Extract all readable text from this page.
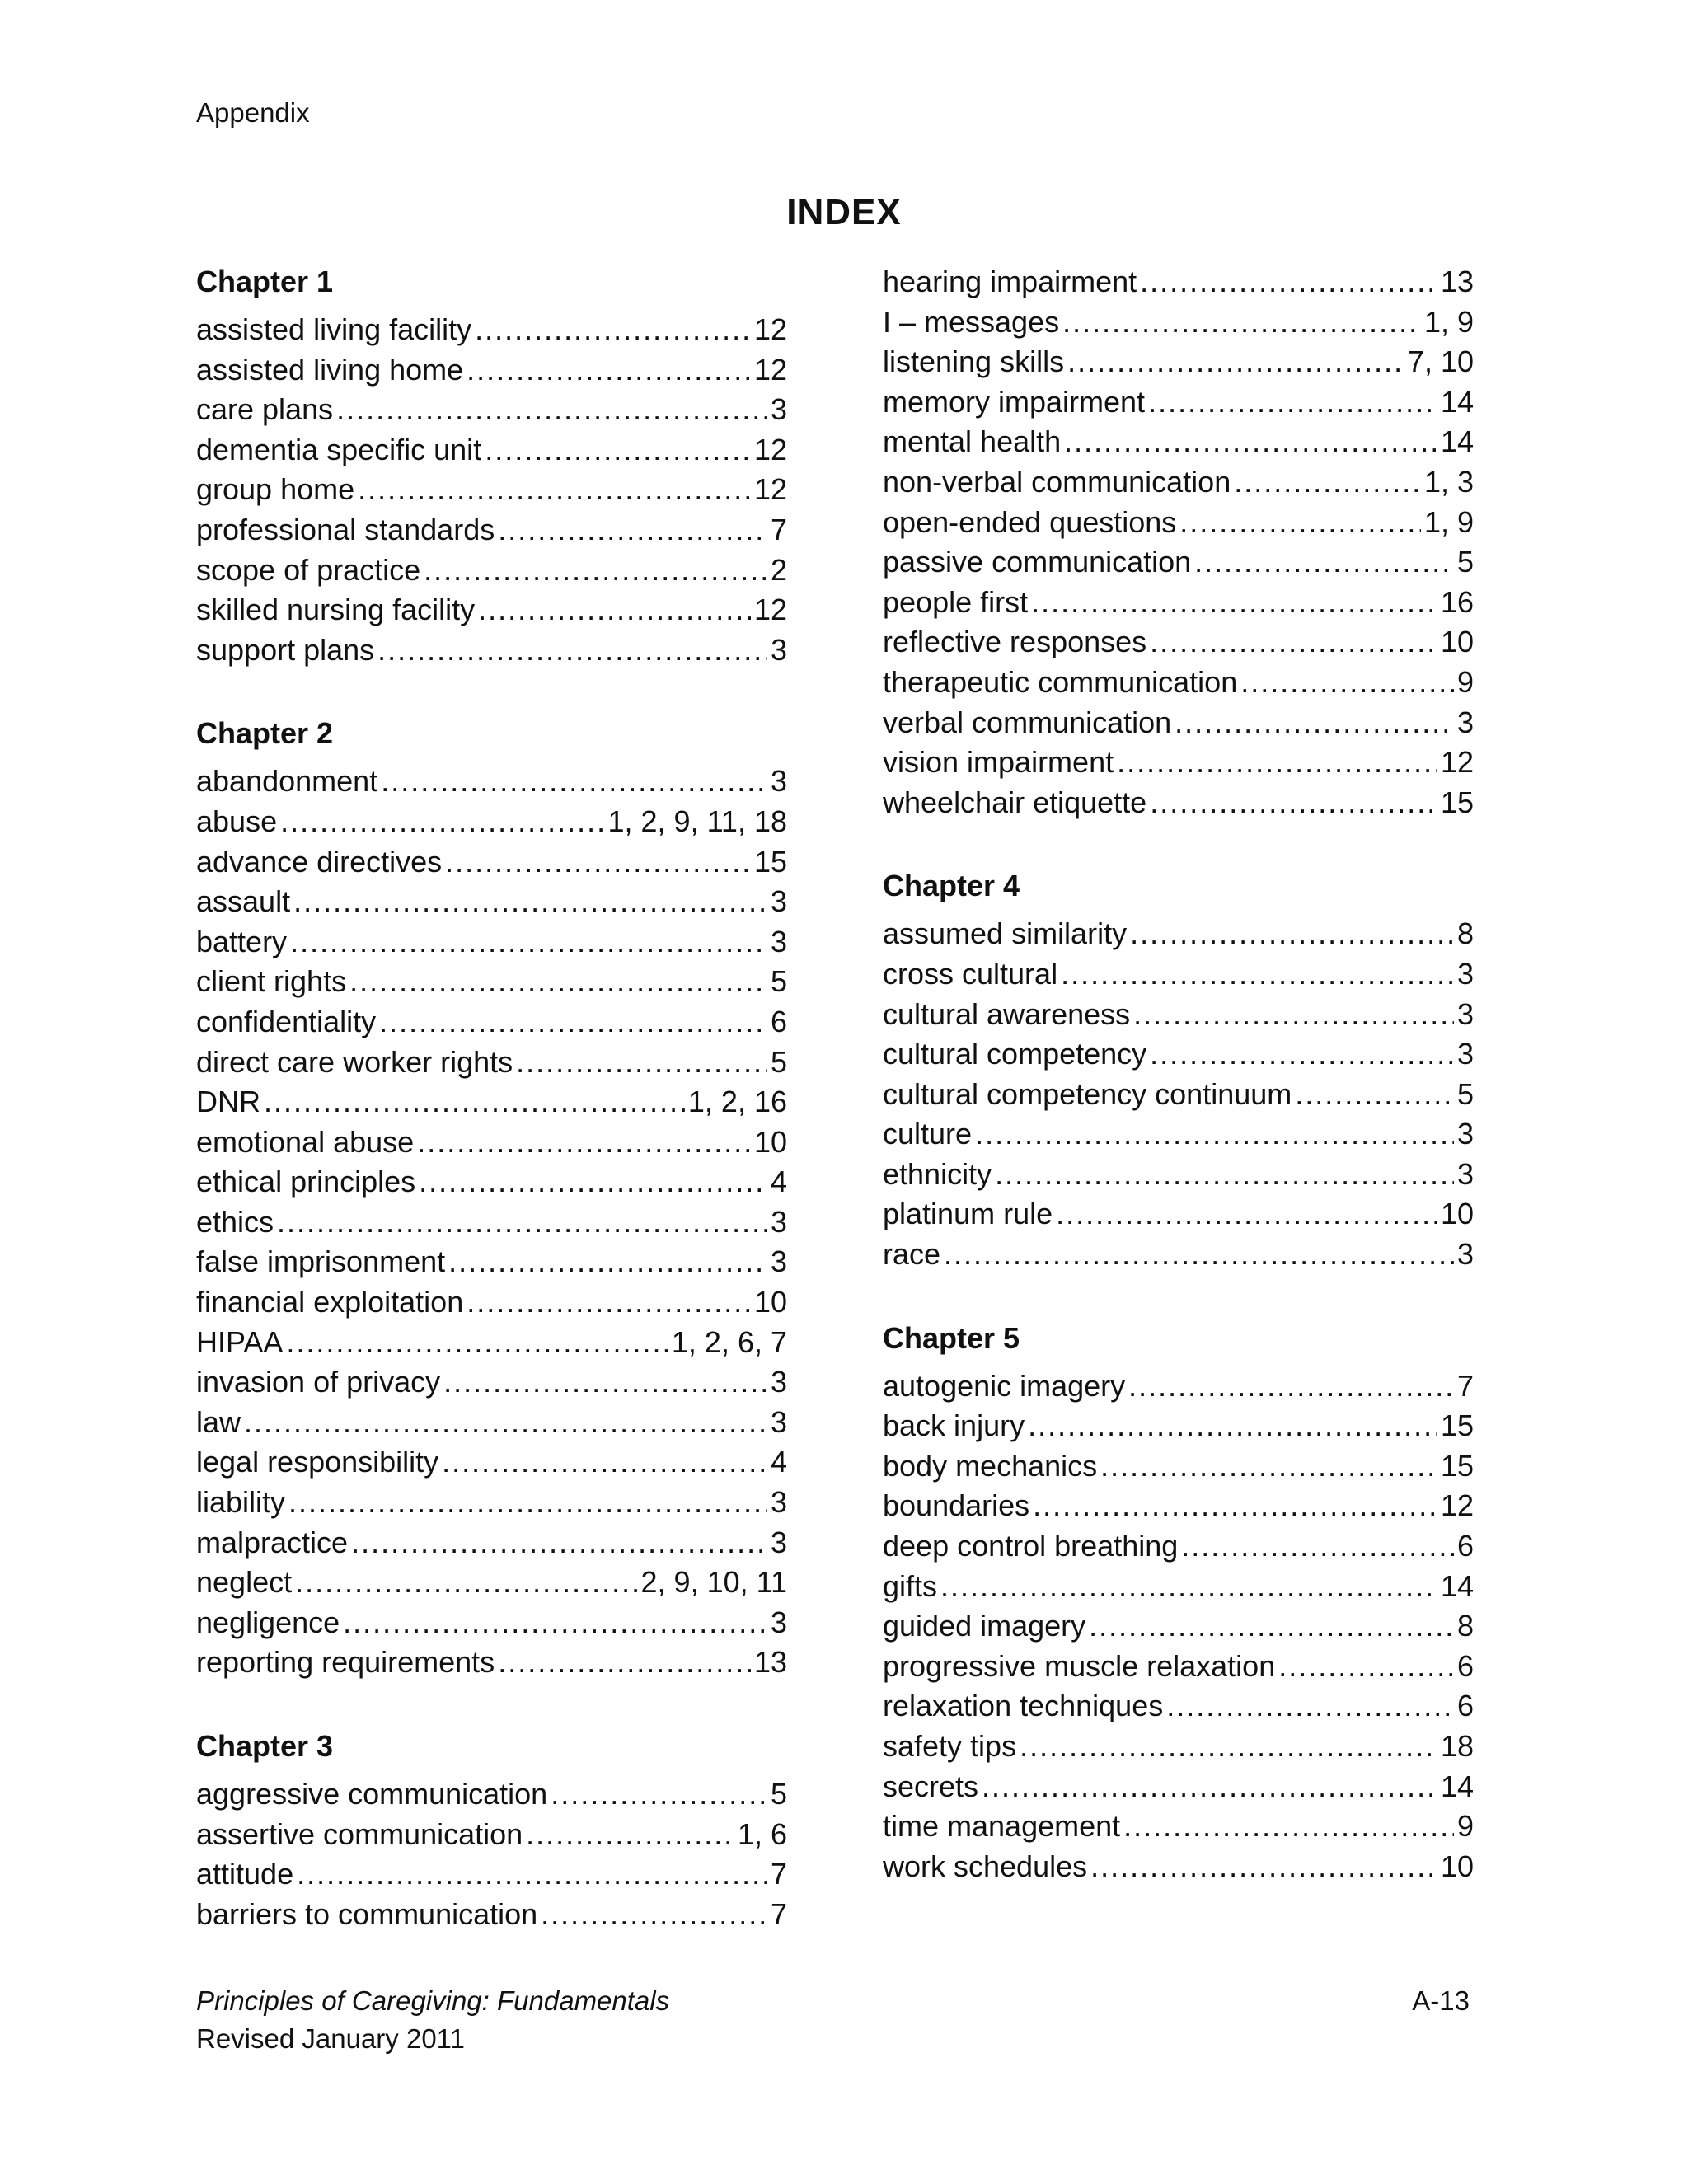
Appendix
INDEX
Chapter 1
assisted living facility .....	12
assisted living home .....	12
care plans .....	3
dementia specific unit .....	12
group home .....	12
professional standards .....	7
scope of practice .....	2
skilled nursing facility .....	12
support plans .....	3
Chapter 2
abandonment .....	3
abuse .....	1, 2, 9, 11, 18
advance directives .....	15
assault .....	3
battery .....	3
client rights .....	5
confidentiality .....	6
direct care worker rights .....	5
DNR .....	1, 2, 16
emotional abuse .....	10
ethical principles .....	4
ethics .....	3
false imprisonment .....	3
financial exploitation .....	10
HIPAA .....	1, 2, 6, 7
invasion of privacy .....	3
law .....	3
legal responsibility .....	4
liability .....	3
malpractice .....	3
neglect .....	2, 9, 10, 11
negligence .....	3
reporting requirements .....	13
Chapter 3
aggressive communication .....	5
assertive communication .....	1, 6
attitude .....	7
barriers to communication .....	7
hearing impairment .....	13
I – messages .....	1, 9
listening skills .....	7, 10
memory impairment .....	14
mental health .....	14
non-verbal communication .....	1, 3
open-ended questions .....	1, 9
passive communication .....	5
people first .....	16
reflective responses .....	10
therapeutic communication .....	9
verbal communication .....	3
vision impairment .....	12
wheelchair etiquette .....	15
Chapter 4
assumed similarity .....	8
cross cultural .....	3
cultural awareness .....	3
cultural competency .....	3
cultural competency continuum .....	5
culture .....	3
ethnicity .....	3
platinum rule .....	10
race .....	3
Chapter 5
autogenic imagery .....	7
back injury .....	15
body mechanics .....	15
boundaries .....	12
deep control breathing .....	6
gifts .....	14
guided imagery .....	8
progressive muscle relaxation .....	6
relaxation techniques .....	6
safety tips .....	18
secrets .....	14
time management .....	9
work schedules .....	10
Principles of Caregiving: Fundamentals
Revised January 2011
A-13
